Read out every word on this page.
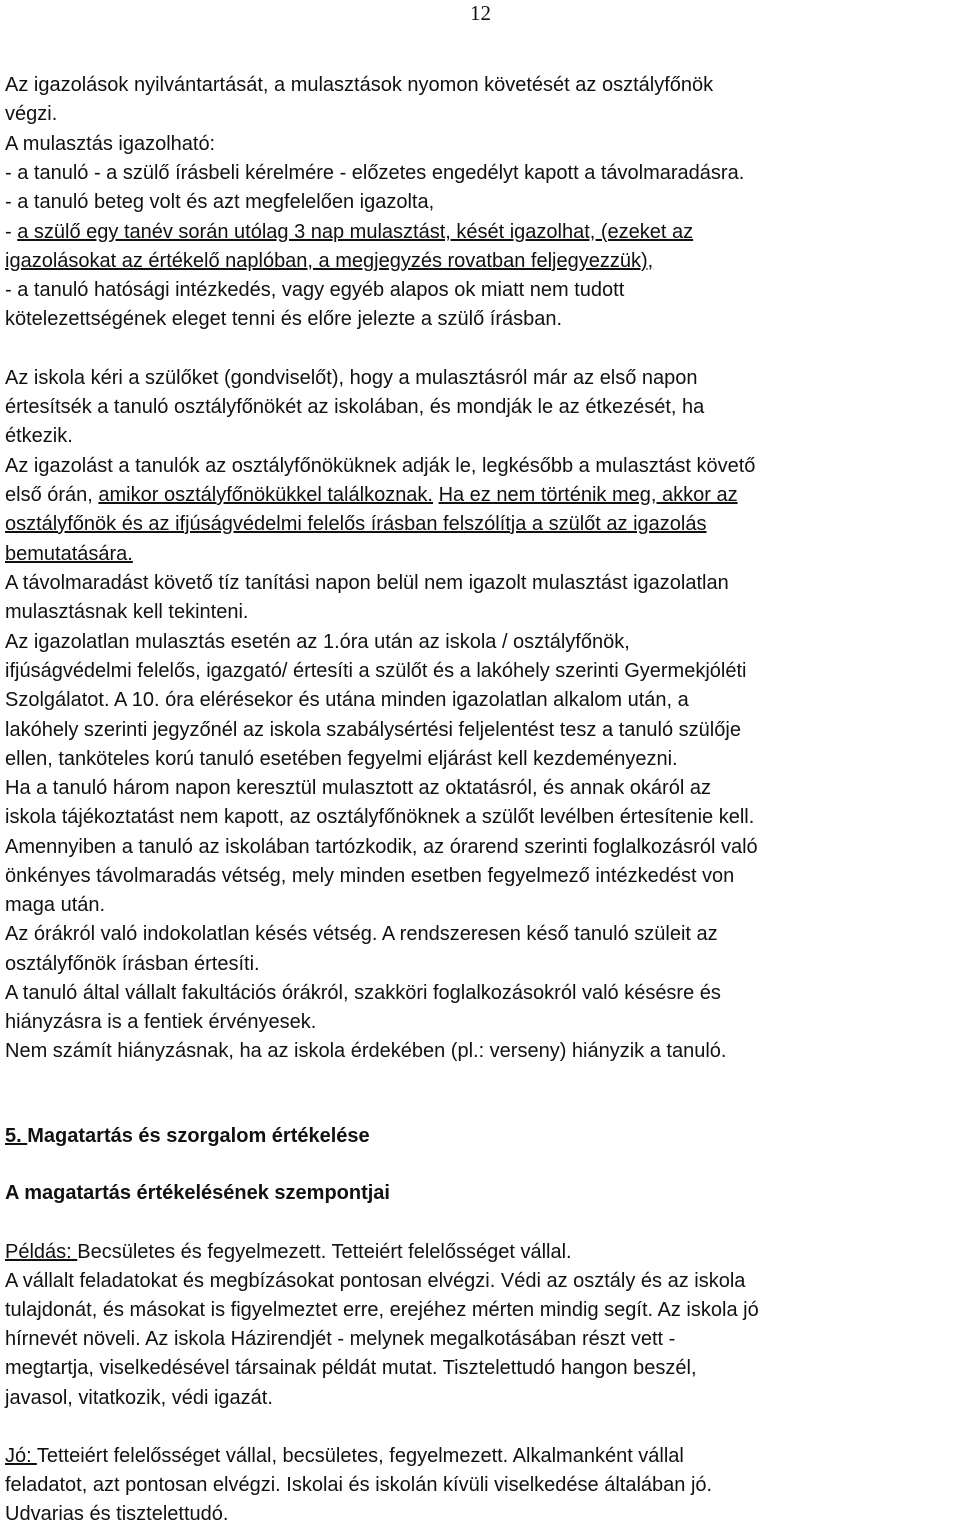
12

Az igazolások nyilvántartását, a mulasztások nyomon követését az osztályfőnök

végzi.

A mulasztás igazolható:

- a tanuló - a szülő írásbeli kérelmére - előzetes engedélyt kapott a távolmaradásra.

- a tanuló beteg volt és azt megfelelően igazolta,

- a szülő egy tanév során utólag 3 nap mulasztást, kését igazolhat, (ezeket az

igazolásokat az értékelő naplóban, a megjegyzés rovatban feljegyezzük),

- a tanuló hatósági intézkedés, vagy egyéb alapos ok miatt nem tudott

kötelezettségének eleget tenni és előre jelezte a szülő írásban.

Az iskola kéri a szülőket (gondviselőt), hogy a mulasztásról már az első napon

értesítsék a tanuló osztályfőnökét az iskolában, és mondják le az étkezését, ha

étkezik.

Az igazolást a tanulók az osztályfőnöküknek adják le, legkésőbb a mulasztást követő

első órán, amikor osztályfőnökükkel találkoznak. Ha ez nem történik meg, akkor az

osztályfőnök és az ifjúságvédelmi felelős írásban felszólítja a szülőt az igazolás

bemutatására.

A távolmaradást követő tíz tanítási napon belül nem igazolt mulasztást igazolatlan

mulasztásnak kell tekinteni.

Az igazolatlan mulasztás esetén az 1.óra után az iskola / osztályfőnök,

ifjúságvédelmi felelős, igazgató/ értesíti a szülőt és a lakóhely szerinti Gyermekjóléti

Szolgálatot. A 10. óra elérésekor és utána minden igazolatlan alkalom után, a

lakóhely szerinti jegyzőnél az iskola szabálysértési feljelentést tesz a tanuló szülője

ellen, tanköteles korú tanuló esetében fegyelmi eljárást kell kezdeményezni.

Ha a tanuló három napon keresztül mulasztott az oktatásról, és annak okáról az

iskola tájékoztatást nem kapott, az osztályfőnöknek a szülőt levélben értesítenie kell.

Amennyiben a tanuló az iskolában tartózkodik, az órarend szerinti foglalkozásról való

önkényes távolmaradás vétség, mely minden esetben fegyelmező intézkedést von

maga után.

Az órákról való indokolatlan késés vétség. A rendszeresen késő tanuló szüleit az

osztályfőnök írásban értesíti.

A tanuló által vállalt fakultációs órákról, szakköri foglalkozásokról való késésre és

hiányzásra is a fentiek érvényesek.

Nem számít hiányzásnak, ha az iskola érdekében (pl.: verseny) hiányzik a tanuló.

5. Magatartás és szorgalom értékelése

A magatartás értékelésének szempontjai

Példás: Becsületes és fegyelmezett. Tetteiért felelősséget vállal.

A vállalt feladatokat és megbízásokat pontosan elvégzi. Védi az osztály és az iskola

tulajdonát, és másokat is figyelmeztet erre, erejéhez mérten mindig segít. Az iskola jó

hírnevét növeli. Az iskola Házirendjét - melynek megalkotásában részt vett -

megtartja, viselkedésével társainak példát mutat. Tisztelettudó hangon beszél,

javasol, vitatkozik, védi igazát.

Jó: Tetteiért felelősséget vállal, becsületes, fegyelmezett. Alkalmanként vállal

feladatot, azt pontosan elvégzi. Iskolai és iskolán kívüli viselkedése általában jó.

Udvarias és tisztelettudó.
